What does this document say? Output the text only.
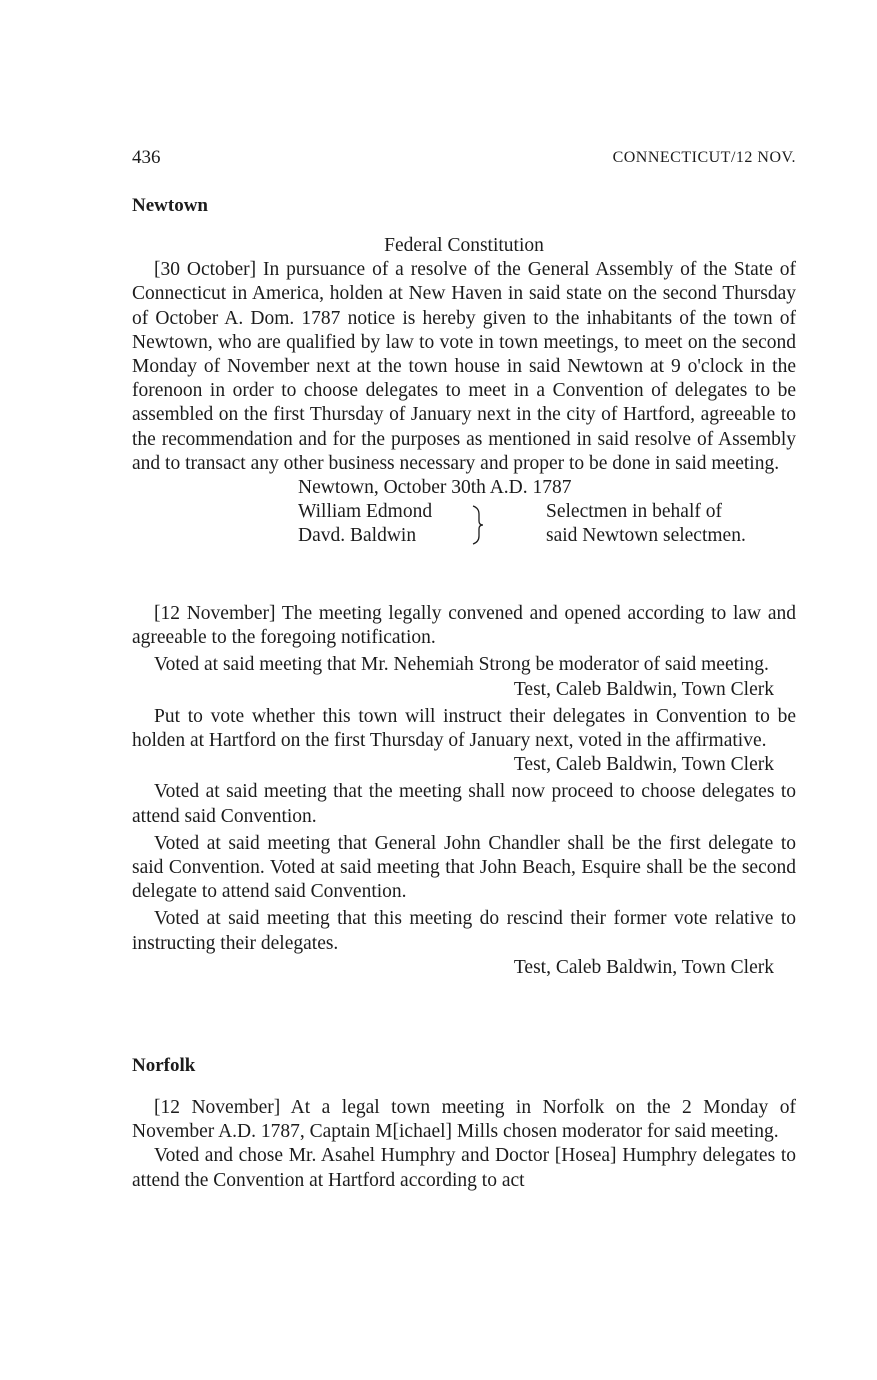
436	CONNECTICUT/12 NOV.
Newtown

Federal Constitution

[30 October] In pursuance of a resolve of the General Assembly of the State of Connecticut in America, holden at New Haven in said state on the second Thursday of October A. Dom. 1787 notice is hereby given to the inhabitants of the town of Newtown, who are qualified by law to vote in town meetings, to meet on the second Monday of November next at the town house in said Newtown at 9 o'clock in the forenoon in order to choose delegates to meet in a Convention of delegates to be assembled on the first Thursday of January next in the city of Hartford, agreeable to the recommendation and for the purposes as mentioned in said resolve of Assembly and to transact any other business necessary and proper to be done in said meeting.

Newtown, October 30th A.D. 1787

William Edmond
Davd. Baldwin
Selectmen in behalf of
said Newtown selectmen.

[12 November] The meeting legally convened and opened according to law and agreeable to the foregoing notification.

Voted at said meeting that Mr. Nehemiah Strong be moderator of said meeting.

Test, Caleb Baldwin, Town Clerk

Put to vote whether this town will instruct their delegates in Convention to be holden at Hartford on the first Thursday of January next, voted in the affirmative.

Test, Caleb Baldwin, Town Clerk

Voted at said meeting that the meeting shall now proceed to choose delegates to attend said Convention.

Voted at said meeting that General John Chandler shall be the first delegate to said Convention. Voted at said meeting that John Beach, Esquire shall be the second delegate to attend said Convention.

Voted at said meeting that this meeting do rescind their former vote relative to instructing their delegates.

Test, Caleb Baldwin, Town Clerk

Norfolk

[12 November] At a legal town meeting in Norfolk on the 2 Monday of November A.D. 1787, Captain M[ichael] Mills chosen moderator for said meeting.

Voted and chose Mr. Asahel Humphry and Doctor [Hosea] Humphry delegates to attend the Convention at Hartford according to act
